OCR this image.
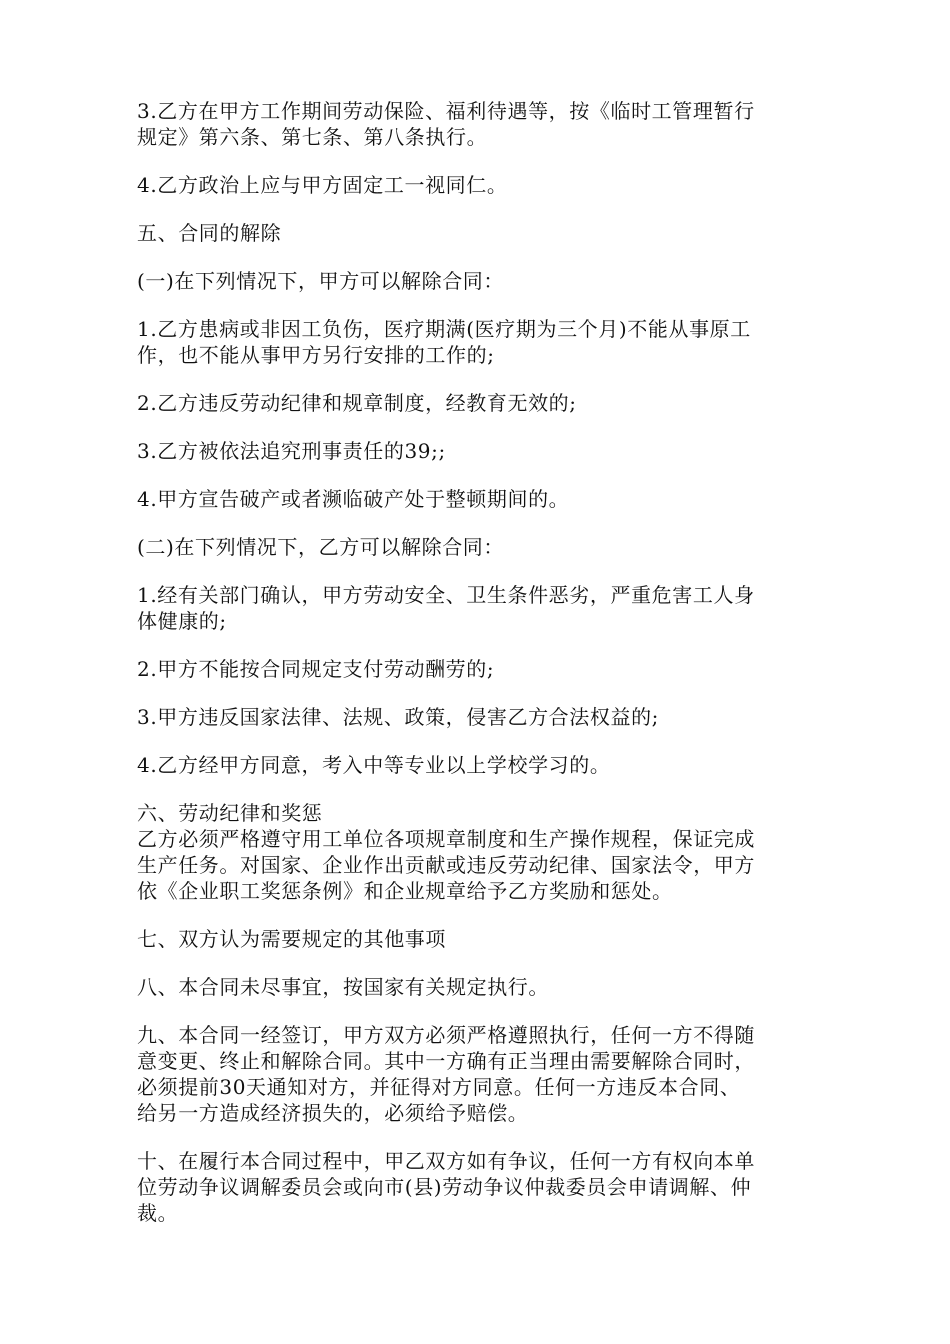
3.乙方在甲方工作期间劳动保险、福利待遇等，按《临时工管理暂行
规定》第六条、第七条、第八条执行。
4.乙方政治上应与甲方固定工一视同仁。
五、合同的解除
(一)在下列情况下，甲方可以解除合同：
1.乙方患病或非因工负伤，医疗期满(医疗期为三个月)不能从事原工
作，也不能从事甲方另行安排的工作的;
2.乙方违反劳动纪律和规章制度，经教育无效的;
3.乙方被依法追究刑事责任的39;;
4.甲方宣告破产或者濒临破产处于整顿期间的。
(二)在下列情况下，乙方可以解除合同：
1.经有关部门确认，甲方劳动安全、卫生条件恶劣，严重危害工人身
体健康的;
2.甲方不能按合同规定支付劳动酬劳的;
3.甲方违反国家法律、法规、政策，侵害乙方合法权益的;
4.乙方经甲方同意，考入中等专业以上学校学习的。
六、劳动纪律和奖惩
乙方必须严格遵守用工单位各项规章制度和生产操作规程，保证完成
生产任务。对国家、企业作出贡献或违反劳动纪律、国家法令，甲方
依《企业职工奖惩条例》和企业规章给予乙方奖励和惩处。
七、双方认为需要规定的其他事项
八、本合同未尽事宜，按国家有关规定执行。
九、本合同一经签订，甲方双方必须严格遵照执行，任何一方不得随
意变更、终止和解除合同。其中一方确有正当理由需要解除合同时，
必须提前30天通知对方，并征得对方同意。任何一方违反本合同、
给另一方造成经济损失的，必须给予赔偿。
十、在履行本合同过程中，甲乙双方如有争议，任何一方有权向本单
位劳动争议调解委员会或向市(县)劳动争议仲裁委员会申请调解、仲
裁。
